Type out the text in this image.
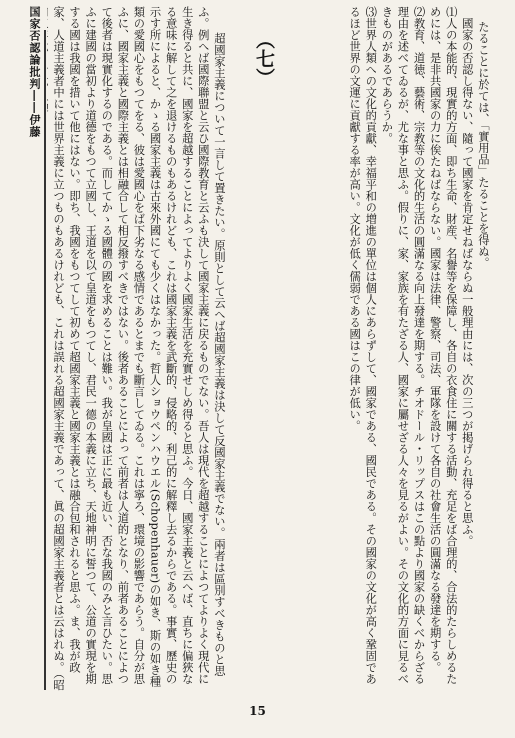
国家否認論批判――伊藤	たることに於ては、「實用品」たることを得ぬ。
　國家の否認し得ない、隨って國家を肯定せねばならぬ一般理由には、次の三つが掲げられ得ると思ふ。
⑴人の本能的、現實的方面、即ち生命、財産、名譽等を保障し、各自の衣食住に關する活動、充足をば合理的、合法的たらしめるためには、是非共國家の力に俟たねばならない。國家は法律、警察、司法、軍隊を設けて各自の社會生活の圓滿なる發達を期する。
⑵教育、道徳、藝術、宗教等の文化的生活の圓滿なる向上發達を期する。チオドール・リップスはこの點より國家の缺くべからざる理由を述べてゐるが、尤な事と思ふ。假りに、家、家族を有たざる人、國家に屬せざる人々を見るがよい。その文化的方面に見るべきものがあるであらうか。
⑶世界人類への文化的貢獻、幸福平和の増進の單位は個人にあらずして、國家である、國民である。その國家の文化が高く鞏固であるほど世界の文運に貢獻する率が高い。文化が低く儒弱である國はこの律が低い。

（七）

　超國家主義について一言して置きたい。原則として云へば超國家主義は決して反國家主義でない。兩者は區別すべきものと思ふ。例へば國際聯盟と云ひ國際教育と云ふも決して國家主義に戻るものでない。吾人は現代を超越することによつてよりよく現代に生き得ると共に、國家を超越することによってよりよく國家生活を充實せしめ得ると思ふ。今日、國家主義と云へば、直ちに偏狹なる意味に解して之を退けるものもあるけれども、これは國家主義を武斷的、侵略的、利己的に解釋し去るからである。事實、歷史の示す所によると、かゝる國家主義は古來外國にても少くはなかった。哲人ショウペンハウエル(Schopenhauer)の如き、斯の如き種類の愛國心をもつてをる、彼は愛國心をば下劣なる感情であるとまでも斷言してゐる。これは寧ろ、環境の影響であらう。自分が思ふに、國家主義と國際主義とは相融合して相反撥すべきではない。後者あることによって前者は人道的となり、前者あることによつて後者は現實化するのである。而してかゝる國體の國を求めることは難い。我が皇國は正に最も近い、否な我國のみと言ひたい。思ふに建國の當初より道德をもつて立國し、王道を以て皇道をもつてし、君民一德の本義に立ち、天地神明に誓つて、公道の實現を期する國は我國を措いて他にはない。即ち、我國をもつてして初めて超國家主義と國家主義とは融合包和されると思ふ。ま、我が政家、人道主義者中には世界主義に立つものもあるけれども、これは誤れる超國家主義であって、眞の超國家主義者とは云はれぬ。（昭

15
